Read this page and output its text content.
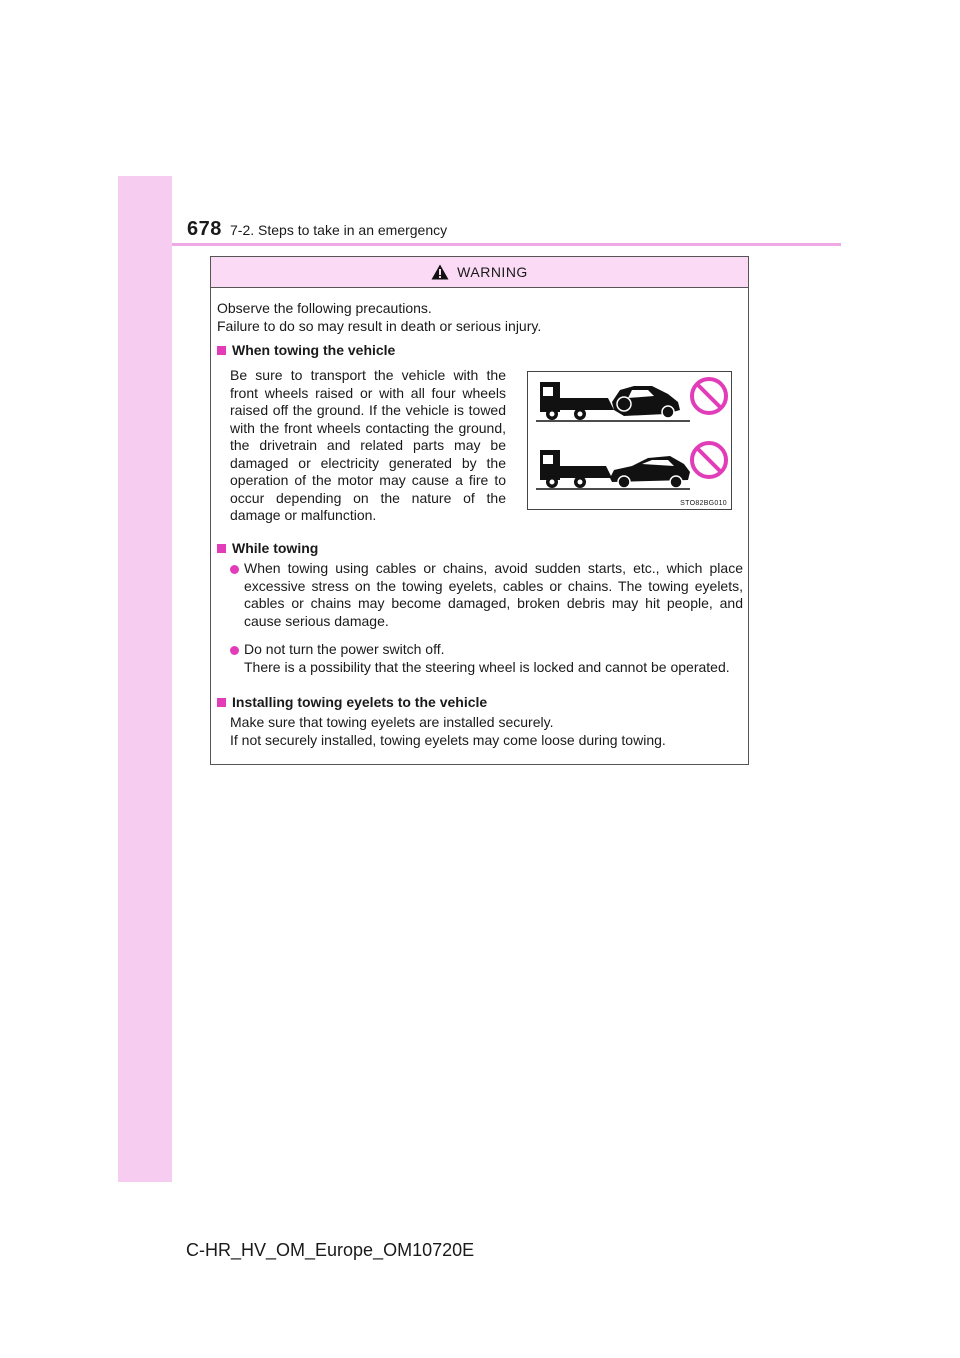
678 7-2. Steps to take in an emergency
WARNING
Observe the following precautions.
Failure to do so may result in death or serious injury.
When towing the vehicle
Be sure to transport the vehicle with the front wheels raised or with all four wheels raised off the ground. If the vehicle is towed with the front wheels contacting the ground, the drivetrain and related parts may be damaged or electricity generated by the operation of the motor may cause a fire to occur depending on the nature of the damage or malfunction.
STO82BG010
While towing
When towing using cables or chains, avoid sudden starts, etc., which place excessive stress on the towing eyelets, cables or chains. The towing eyelets, cables or chains may become damaged, broken debris may hit people, and cause serious damage.
Do not turn the power switch off.
There is a possibility that the steering wheel is locked and cannot be operated.
Installing towing eyelets to the vehicle
Make sure that towing eyelets are installed securely.
If not securely installed, towing eyelets may come loose during towing.
C-HR_HV_OM_Europe_OM10720E
